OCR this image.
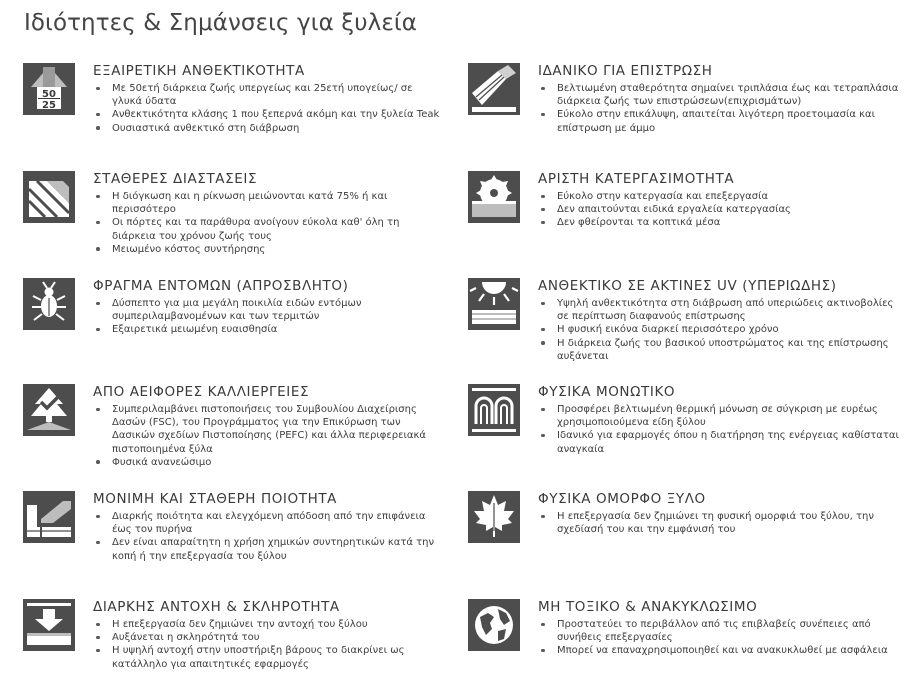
Ιδιότητες & Σημάνσεις για ξυλεία
50
25
ΕΞΑΙΡΕΤΙΚΗ ΑΝΘΕΚΤΙΚΟΤΗΤΑ
Με 50ετή διάρκεια ζωής υπεργείως και 25ετή υπογείως/ σε γλυκά ύδατα
Ανθεκτικότητα κλάσης 1 που ξεπερνά ακόμη και την ξυλεία Teak
Ουσιαστικά ανθεκτικό στη διάβρωση
ΙΔΑΝΙΚΟ ΓΙΑ ΕΠΙΣΤΡΩΣΗ
Βελτιωμένη σταθερότητα σημαίνει τριπλάσια έως και τετραπλάσια διάρκεια ζωής των επιστρώσεων(επιχρισμάτων)
Εύκολο στην επικάλυψη, απαιτείται λιγότερη προετοιμασία και επίστρωση με άμμο
ΣΤΑΘΕΡΕΣ ΔΙΑΣΤΑΣΕΙΣ
Η διόγκωση και η ρίκνωση μειώνονται κατά 75% ή και περισσότερο
Οι πόρτες και τα παράθυρα ανοίγουν εύκολα καθ' όλη τη διάρκεια του χρόνου ζωής τους
Μειωμένο κόστος συντήρησης
ΑΡΙΣΤΗ ΚΑΤΕΡΓΑΣΙΜΟΤΗΤΑ
Εύκολο στην κατεργασία και επεξεργασία
Δεν απαιτούνται ειδικά εργαλεία κατεργασίας
Δεν φθείρονται τα κοπτικά μέσα
ΦΡΑΓΜΑ ΕΝΤΟΜΩΝ (ΑΠΡΟΣΒΛΗΤΟ)
Δύσπεπτο για μια μεγάλη ποικιλία ειδών εντόμων συμπεριλαμβανομένων και των τερμιτών
Εξαιρετικά μειωμένη ευαισθησία
ΑΝΘΕΚΤΙΚΟ ΣΕ ΑΚΤΙΝΕΣ UV (ΥΠΕΡΙΩΔΗΣ)
Υψηλή ανθεκτικότητα στη διάβρωση από υπεριώδεις ακτινοβολίες σε περίπτωση διαφανούς επίστρωσης
Η φυσική εικόνα διαρκεί περισσότερο χρόνο
Η διάρκεια ζωής του βασικού υποστρώματος και της επίστρωσης αυξάνεται
ΑΠΟ ΑΕΙΦΟΡΕΣ ΚΑΛΛΙΕΡΓΕΙΕΣ
Συμπεριλαμβάνει πιστοποιήσεις του Συμβουλίου Διαχείρισης Δασών (FSC), του Προγράμματος για την Επικύρωση των Δασικών σχεδίων Πιστοποίησης (PEFC) και άλλα περιφερειακά πιστοποιημένα ξύλα
Φυσικά ανανεώσιμο
ΦΥΣΙΚΑ ΜΟΝΩΤΙΚΟ
Προσφέρει βελτιωμένη θερμική μόνωση σε σύγκριση με ευρέως χρησιμοποιούμενα είδη ξύλου
Ιδανικό για εφαρμογές όπου η διατήρηση της ενέργειας καθίσταται αναγκαία
ΜΟΝΙΜΗ ΚΑΙ ΣΤΑΘΕΡΗ ΠΟΙΟΤΗΤΑ
Διαρκής ποιότητα και ελεγχόμενη απόδοση από την επιφάνεια έως τον πυρήνα
Δεν είναι απαραίτητη η χρήση χημικών συντηρητικών κατά την κοπή ή την επεξεργασία του ξύλου
ΦΥΣΙΚΑ ΟΜΟΡΦΟ ΞΥΛΟ
Η επεξεργασία δεν ζημιώνει τη φυσική ομορφιά του ξύλου, την σχεδίασή του και την εμφάνισή του
ΔΙΑΡΚΗΣ ΑΝΤΟΧΗ & ΣΚΛΗΡΟΤΗΤΑ
Η επεξεργασία δεν ζημιώνει την αντοχή του ξύλου
Αυξάνεται η σκληρότητά του
Η υψηλή αντοχή στην υποστήριξη βάρους το διακρίνει ως κατάλληλο για απαιτητικές εφαρμογές
ΜΗ ΤΟΞΙΚΟ & ΑΝΑΚΥΚΛΩΣΙΜΟ
Προστατεύει το περιβάλλον από τις επιβλαβείς συνέπειες από συνήθεις επεξεργασίες
Μπορεί να επαναχρησιμοποιηθεί και να ανακυκλωθεί με ασφάλεια
